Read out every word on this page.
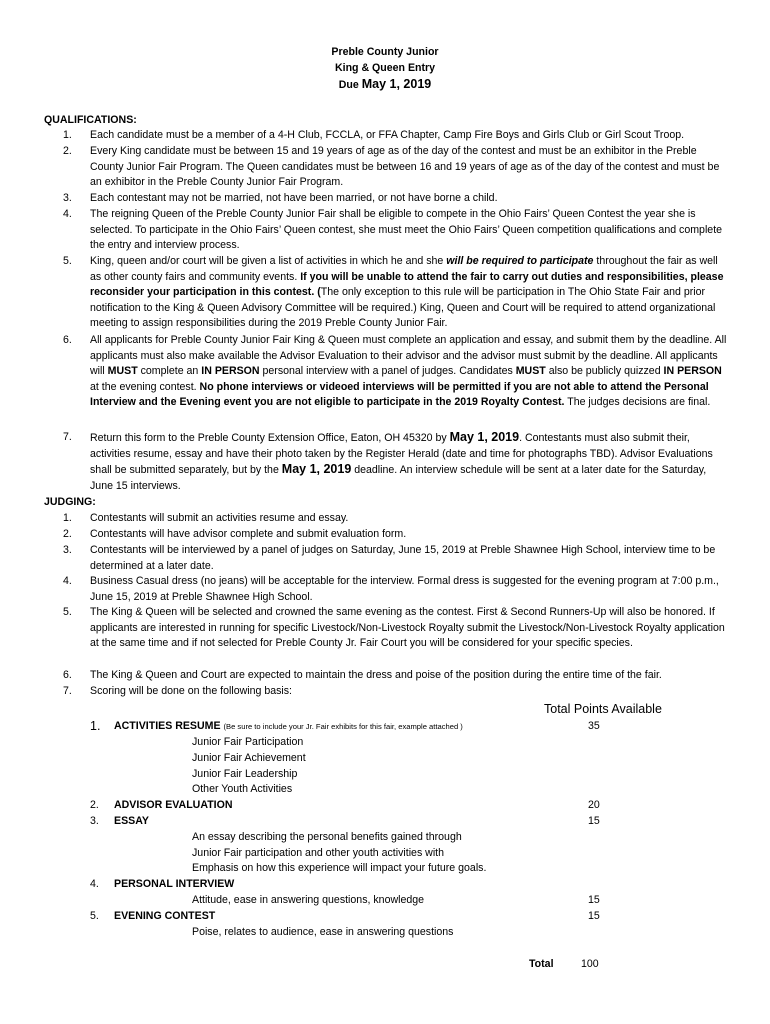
Preble County Junior
King & Queen Entry
Due May 1, 2019
QUALIFICATIONS:
1. Each candidate must be a member of a 4-H Club, FCCLA, or FFA Chapter, Camp Fire Boys and Girls Club or Girl Scout Troop.
2. Every King candidate must be between 15 and 19 years of age as of the day of the contest and must be an exhibitor in the Preble County Junior Fair Program. The Queen candidates must be between 16 and 19 years of age as of the day of the contest and must be an exhibitor in the Preble County Junior Fair Program.
3. Each contestant may not be married, not have been married, or not have borne a child.
4. The reigning Queen of the Preble County Junior Fair shall be eligible to compete in the Ohio Fairs’ Queen Contest the year she is selected. To participate in the Ohio Fairs’ Queen contest, she must meet the Ohio Fairs’ Queen competition qualifications and complete the entry and interview process.
5. King, queen and/or court will be given a list of activities in which he and she will be required to participate throughout the fair as well as other county fairs and community events. If you will be unable to attend the fair to carry out duties and responsibilities, please reconsider your participation in this contest. (The only exception to this rule will be participation in The Ohio State Fair and prior notification to the King & Queen Advisory Committee will be required.) King, Queen and Court will be required to attend organizational meeting to assign responsibilities during the 2019 Preble County Junior Fair.
6. All applicants for Preble County Junior Fair King & Queen must complete an application and essay, and submit them by the deadline. All applicants must also make available the Advisor Evaluation to their advisor and the advisor must submit by the deadline. All applicants will MUST complete an IN PERSON personal interview with a panel of judges. Candidates MUST also be publicly quizzed IN PERSON at the evening contest. No phone interviews or videoed interviews will be permitted if you are not able to attend the Personal Interview and the Evening event you are not eligible to participate in the 2019 Royalty Contest. The judges decisions are final.
7. Return this form to the Preble County Extension Office, Eaton, OH 45320 by May 1, 2019. Contestants must also submit their, activities resume, essay and have their photo taken by the Register Herald (date and time for photographs TBD). Advisor Evaluations shall be submitted separately, but by the May 1, 2019 deadline. An interview schedule will be sent at a later date for the Saturday, June 15 interviews.
JUDGING:
1. Contestants will submit an activities resume and essay.
2. Contestants will have advisor complete and submit evaluation form.
3. Contestants will be interviewed by a panel of judges on Saturday, June 15, 2019 at Preble Shawnee High School, interview time to be determined at a later date.
4. Business Casual dress (no jeans) will be acceptable for the interview. Formal dress is suggested for the evening program at 7:00 p.m., June 15, 2019 at Preble Shawnee High School.
5. The King & Queen will be selected and crowned the same evening as the contest. First & Second Runners-Up will also be honored. If applicants are interested in running for specific Livestock/Non-Livestock Royalty submit the Livestock/Non-Livestock Royalty application at the same time and if not selected for Preble County Jr. Fair Court you will be considered for your specific species.
6. The King & Queen and Court are expected to maintain the dress and poise of the position during the entire time of the fair.
7. Scoring will be done on the following basis:
Total Points Available
1. ACTIVITIES RESUME (Be sure to include your Jr. Fair exhibits for this fair, example attached )	35
Junior Fair Participation
Junior Fair Achievement
Junior Fair Leadership
Other Youth Activities
2. ADVISOR EVALUATION	20
3. ESSAY	15
An essay describing the personal benefits gained through
Junior Fair participation and other youth activities with
Emphasis on how this experience will impact your future goals.
4. PERSONAL INTERVIEW
Attitude, ease in answering questions, knowledge	15
5. EVENING CONTEST	15
Poise, relates to audience, ease in answering questions
Total	100
